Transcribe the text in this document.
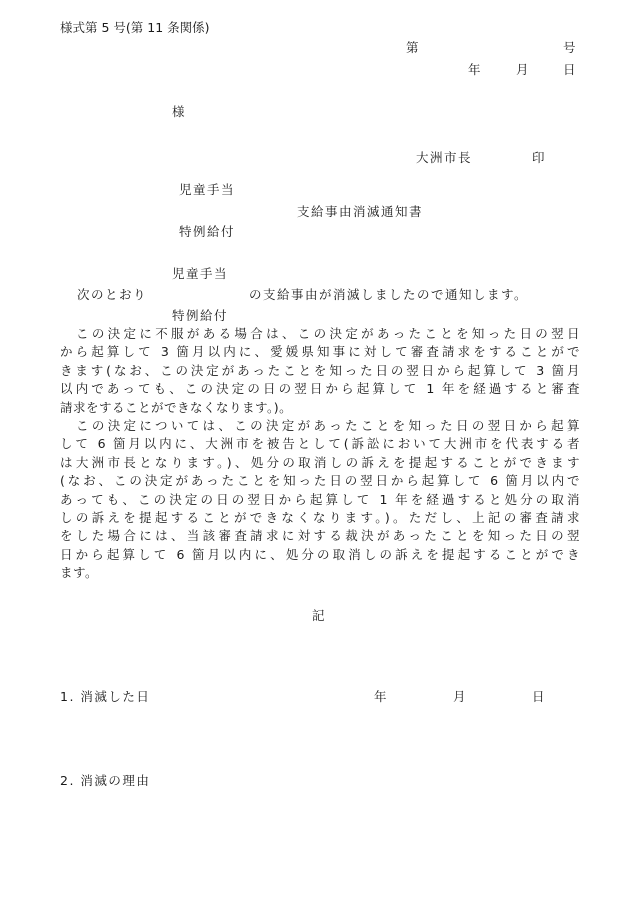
様式第 5 号(第 11 条関係)
第	号
年	月	日
様
大洲市長	印
児童手当
支給事由消滅通知書
特例給付
児童手当
次のとおり	の支給事由が消滅しましたので通知します。
特例給付
この決定に不服がある場合は、この決定があったことを知った日の翌日
から起算して 3 箇月以内に、愛媛県知事に対して審査請求をすることがで
きます(なお、この決定があったことを知った日の翌日から起算して 3 箇月
以内であっても、この決定の日の翌日から起算して 1 年を経過すると審査
請求をすることができなくなります。)。
この決定については、この決定があったことを知った日の翌日から起算
して 6 箇月以内に、大洲市を被告として(訴訟において大洲市を代表する者
は大洲市長となります。)、処分の取消しの訴えを提起することができます
(なお、この決定があったことを知った日の翌日から起算して 6 箇月以内で
あっても、この決定の日の翌日から起算して 1 年を経過すると処分の取消
しの訴えを提起することができなくなります。)。ただし、上記の審査請求
をした場合には、当該審査請求に対する裁決があったことを知った日の翌
日から起算して 6 箇月以内に、処分の取消しの訴えを提起することができ
ます。
記
1. 消滅した日	年	月	日
2. 消滅の理由
